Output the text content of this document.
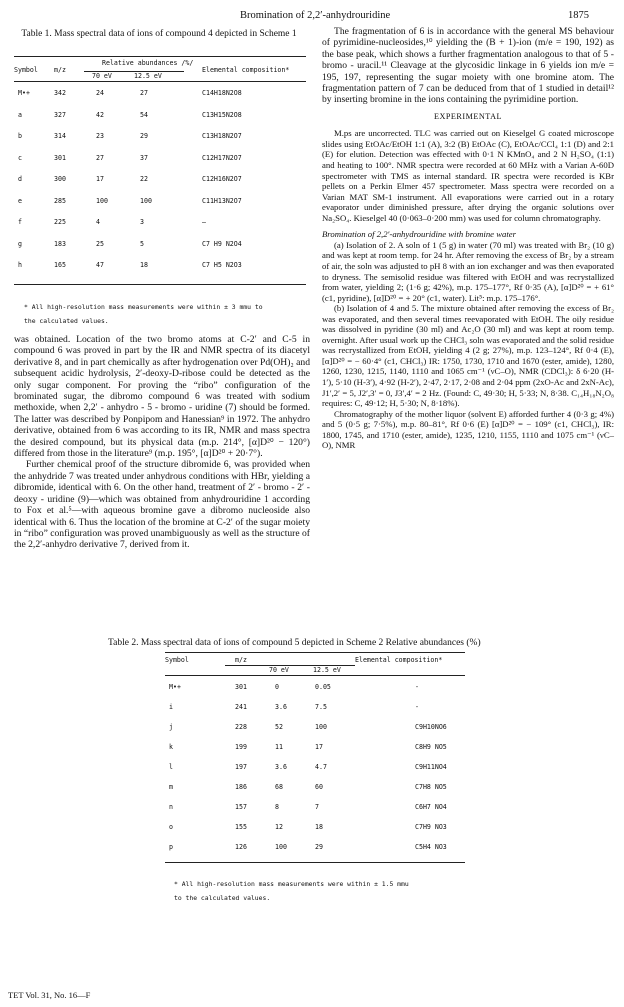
Bromination of 2,2′-anhydrouridine	1875
Table 1. Mass spectral data of ions of compound 4 depicted in Scheme 1
Relative abundances /%/
Symbol m/z	Elemental composition*
70 eV	12.5 eV
M•+	342	24	27	C14H18N2O8
a	327	42	54	C13H15N2O8
b	314	23	29	C13H18N2O7
c	301	27	37	C12H17N2O7
d	300	17	22	C12H16N2O7
e	285	100	100	C11H13N2O7
f	225	4	3	—
g	183	25	5	C7 H9 N2O4
h	165	47	18	C7 H5 N2O3
* All high-resolution mass measurements were within ± 3 mmu to
the calculated values.

was obtained. Location of the two bromo atoms at C-2′ and C-5 in compound 6 was proved in part by the IR and NMR spectra of its diacetyl derivative 8, and in part chemically as after hydrogenation over Pd(OH)₂ and subsequent acidic hydrolysis, 2′-deoxy-D-ribose could be detected as the only sugar component. For proving the “ribo” configuration of the brominated sugar, the dibromo compound 6 was treated with sodium methoxide, when 2,2′ - anhydro - 5 - bromo - uridine (7) should be formed. The latter was described by Ponpipom and Hanessian⁹ in 1972. The anhydro derivative, obtained from 6 was according to its IR, NMR and mass spectra the desired compound, but its physical data (m.p. 214°, [α]D²⁰ − 120°) differed from those in the literature⁹ (m.p. 195°, [α]D²⁰ + 20·7°).

Further chemical proof of the structure dibromide 6, was provided when the anhydride 7 was treated under anhydrous conditions with HBr, yielding a dibromide, identical with 6. On the other hand, treatment of 2′ - bromo - 2′ - deoxy - uridine (9)—which was obtained from anhydrouridine 1 according to Fox et al.⁵—with aqueous bromine gave a dibromo nucleoside also identical with 6. Thus the location of the bromine at C-2′ of the sugar moiety in “ribo” configuration was proved unambiguously as well as the structure of the 2,2′-anhydro derivative 7, derived from it.

The fragmentation of 6 is in accordance with the general MS behaviour of pyrimidine-nucleosides,¹⁰ yielding the (B + 1)-ion (m/e = 190, 192) as the base peak, which shows a further fragmentation analogous to that of 5 - bromo - uracil.¹¹ Cleavage at the glycosidic linkage in 6 yields ion m/e = 195, 197, representing the sugar moiety with one bromine atom. The fragmentation pattern of 7 can be deduced from that of 1 studied in detail¹² by inserting bromine in the ions containing the pyrimidine portion.

EXPERIMENTAL

M.ps are uncorrected. TLC was carried out on Kieselgel G coated microscope slides using EtOAc/EtOH 1:1 (A), 3:2 (B) EtOAc (C), EtOAc/CCl₄ 1:1 (D) and 2:1 (E) for elution. Detection was effected with 0·1 N KMnO₄ and 2 N H₂SO₄ (1:1) and heating to 100°. NMR spectra were recorded at 60 MHz with a Varian A-60D spectrometer with TMS as internal standard. IR spectra were recorded is KBr pellets on a Perkin Elmer 457 spectrometer. Mass spectra were recorded on a Varian MAT SM-1 instrument. All evaporations were carried out in a rotary evaporator under diminished pressure, after drying the organic solutions over Na₂SO₄. Kieselgel 40 (0·063–0·200 mm) was used for column chromatography.

Bromination of 2,2′-anhydrouridine with bromine water

(a) Isolation of 2. A soln of 1 (5 g) in water (70 ml) was treated with Br₂ (10 g) and was kept at room temp. for 24 hr. After removing the excess of Br₂ by a stream of air, the soln was adjusted to pH 8 with an ion exchanger and was then evaporated to dryness. The semisolid residue was filtered with EtOH and was recrystallized from water, yielding 2; (1·6 g; 42%), m.p. 175–177°, Rf 0·35 (A), [α]D²⁰ = + 61° (c1, pyridine), [α]D²⁰ = + 20° (c1, water). Lit⁵: m.p. 175–176°.

(b) Isolation of 4 and 5. The mixture obtained after removing the excess of Br₂ was evaporated, and then several times reevaporated with EtOH. The oily residue was dissolved in pyridine (30 ml) and Ac₂O (30 ml) and was kept at room temp. overnight. After usual work up the CHCl₃ soln was evaporated and the solid residue was recrystallized from EtOH, yielding 4 (2 g; 27%), m.p. 123–124°, Rf 0·4 (E), [α]D²⁰ = − 60·4° (c1, CHCl₃) IR: 1750, 1730, 1710 and 1670 (ester, amide), 1280, 1260, 1230, 1215, 1140, 1110 and 1065 cm⁻¹ (νC–O), NMR (CDCl₃): δ 6·20 (H-1′), 5·10 (H-3′), 4·92 (H-2′), 2·47, 2·17, 2·08 and 2·04 ppm (2xO-Ac and 2xN-Ac), J1′,2′ = 5, J2′,3′ = 0, J3′,4′ = 2 Hz. (Found: C, 49·30; H, 5·33; N, 8·38. C₁₄H₁₈N₂O₈ requires: C, 49·12; H, 5·30; N, 8·18%).

Chromatography of the mother liquor (solvent E) afforded further 4 (0·3 g; 4%) and 5 (0·5 g; 7·5%), m.p. 80–81°, Rf 0·6 (E) [α]D²⁰ = − 109° (c1, CHCl₃), IR: 1800, 1745, and 1710 (ester, amide), 1235, 1210, 1155, 1110 and 1075 cm⁻¹ (νC–O), NMR

Table 2. Mass spectral data of ions of compound 5 depicted in Scheme 2 Relative abundances (%)
Symbol	m/z	Elemental composition*
70 eV	12.5 eV
M•+	301	0	0.05	-
i	241	3.6	7.5	-
j	228	52	100	C9H10NO6
k	199	11	17	C8H9 NO5
l	197	3.6	4.7	C9H11NO4
m	186	68	60	C7H8 NO5
n	157	8	7	C6H7 NO4
o	155	12	18	C7H9 NO3
p	126	100	29	C5H4 NO3
* All high-resolution mass measurements were within ± 1.5 mmu
to the calculated values.
TET Vol. 31, No. 16—F
